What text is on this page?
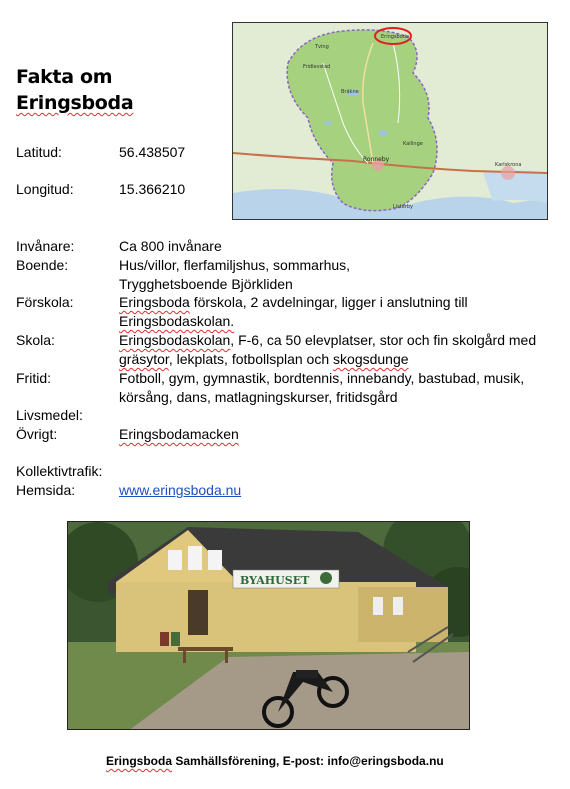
Fakta om
Eringsboda
Latitud:	56.438507
Longitud:	15.366210
Eringsboda
Tving
Fridlevstad
Bräkne
Kallinge
Ronneby
Karlskrona
Listerby
Invånare:	Ca 800 invånare
Boende:	Hus/villor, flerfamiljshus, sommarhus,
Trygghetsboende Björkliden
Förskola:	Eringsboda förskola, 2 avdelningar, ligger i anslutning till
Eringsbodaskolan.
Skola:	Eringsbodaskolan, F-6, ca 50 elevplatser, stor och fin skolgård med
gräsytor, lekplats, fotbollsplan och skogsdunge
Fritid:	Fotboll, gym, gymnastik, bordtennis, innebandy, bastubad, musik,
körsång, dans, matlagningskurser, fritidsgård
Livsmedel:
Övrigt:	Eringsbodamacken
Kollektivtrafik:
Hemsida:	www.eringsboda.nu
BYAHUSET
Eringsboda Samhällsförening, E-post: info@eringsboda.nu
